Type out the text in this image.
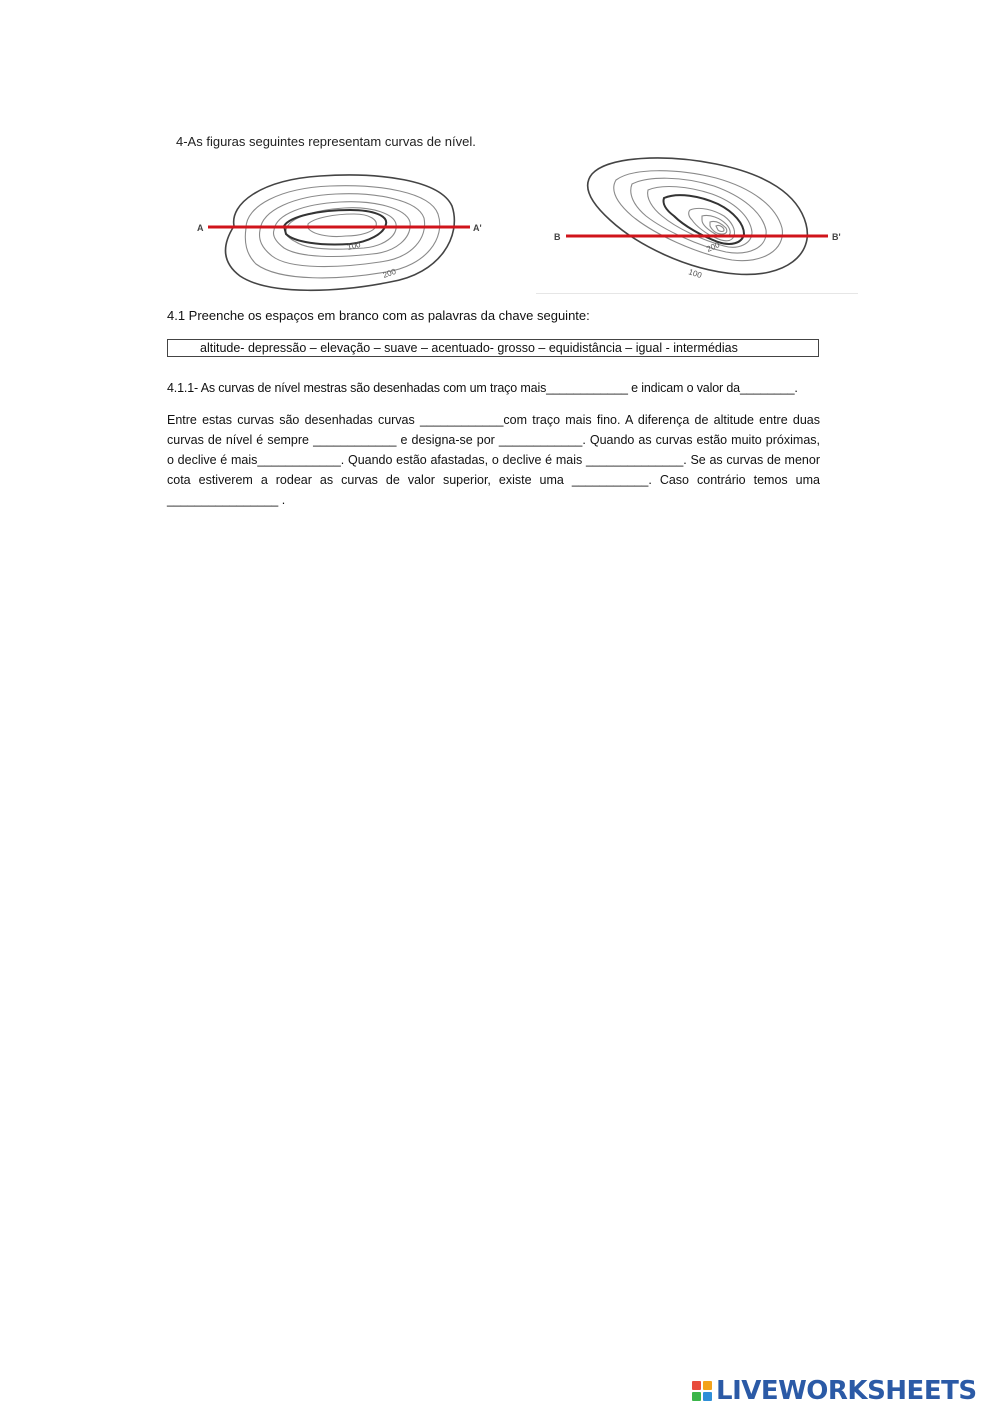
4-As figuras seguintes representam curvas de nível.
A	A'
100
200
B	B'
200
100
4.1 Preenche os espaços em branco com as palavras da chave seguinte:
altitude- depressão – elevação – suave – acentuado- grosso – equidistância – igual - intermédias
4.1.1- As curvas de nível mestras são desenhadas com um traço mais____________ e indicam o valor da________.
Entre estas curvas são desenhadas curvas ____________com traço mais fino. A diferença de altitude entre duas curvas de nível é sempre ____________ e designa-se por ____________. Quando as curvas estão muito próximas, o declive é mais____________. Quando estão afastadas, o declive é mais ______________. Se as curvas de menor cota estiverem a rodear as curvas de valor superior, existe uma ___________. Caso contrário temos uma ________________ .
LIVEWORKSHEETS
